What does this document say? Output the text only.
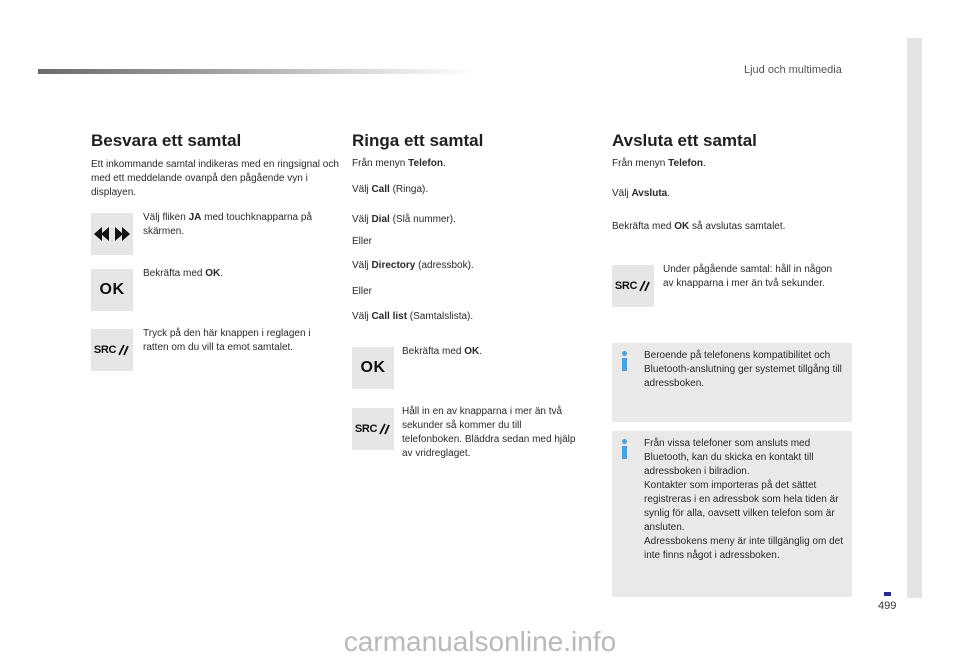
Ljud och multimedia
499
Besvara ett samtal
Ett inkommande samtal indikeras med en ringsignal och med ett meddelande ovanpå den pågående vyn i displayen.
Välj fliken JA med touchknapparna på skärmen.
OK
Bekräfta med OK.
SRC
Tryck på den här knappen i reglagen i ratten om du vill ta emot samtalet.
Ringa ett samtal
Från menyn Telefon.
Välj Call (Ringa).
Välj Dial (Slå nummer).
Eller
Välj Directory (adressbok).
Eller
Välj Call list (Samtalslista).
OK
Bekräfta med OK.
SRC
Håll in en av knapparna i mer än två sekunder så kommer du till telefonboken. Bläddra sedan med hjälp av vridreglaget.
Avsluta ett samtal
Från menyn Telefon.
Välj Avsluta.
Bekräfta med OK så avslutas samtalet.
SRC
Under pågående samtal: håll in någon av knapparna i mer än två sekunder.
Beroende på telefonens kompatibilitet och Bluetooth-anslutning ger systemet tillgång till adressboken.
Från vissa telefoner som ansluts med Bluetooth, kan du skicka en kontakt till adressboken i bilradion.
Kontakter som importeras på det sättet registreras i en adressbok som hela tiden är synlig för alla, oavsett vilken telefon som är ansluten.
Adressbokens meny är inte tillgänglig om det inte finns något i adressboken.
carmanualsonline.info
